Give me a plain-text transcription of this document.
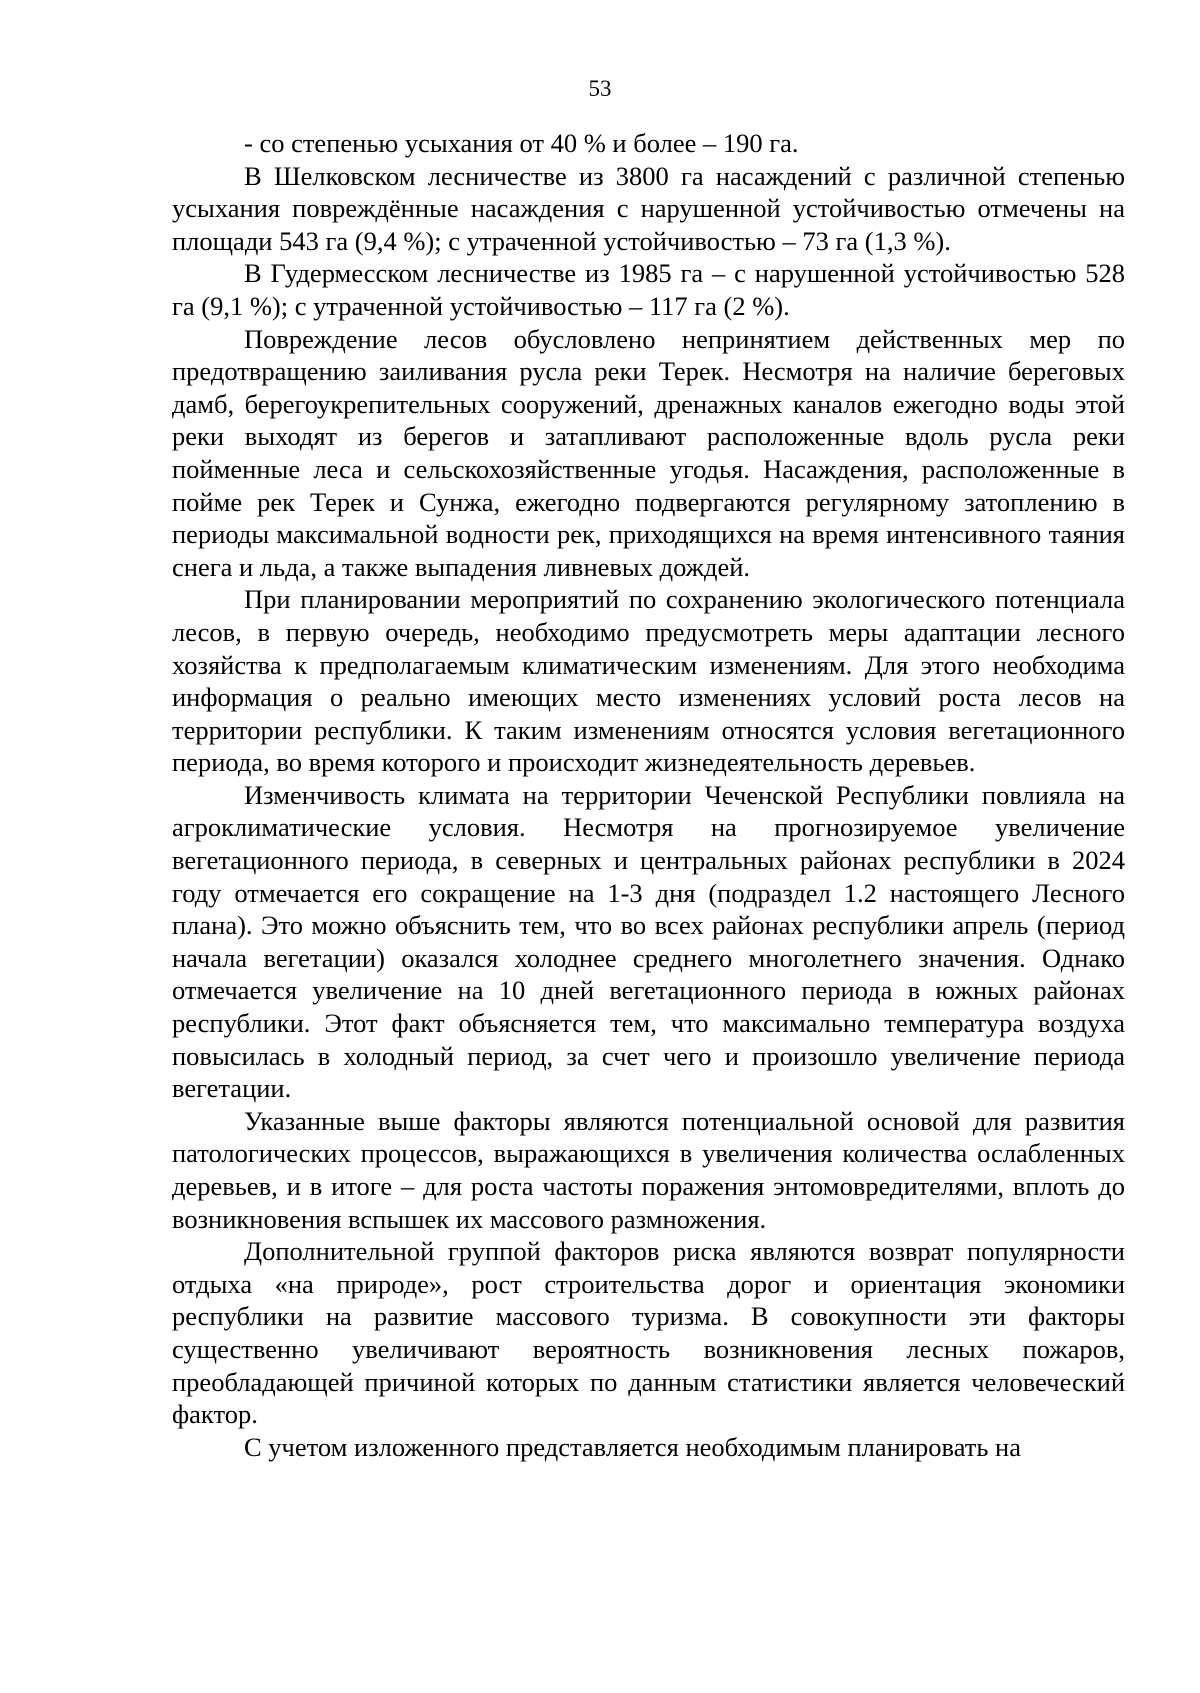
53

- со степенью усыхания от 40 % и более – 190 га.

В Шелковском лесничестве из 3800 га насаждений с различной степенью усыхания повреждённые насаждения с нарушенной устойчивостью отмечены на площади 543 га (9,4 %); с утраченной устойчивостью – 73 га (1,3 %).

В Гудермесском лесничестве из 1985 га – с нарушенной устойчивостью 528 га (9,1 %); с утраченной устойчивостью – 117 га (2 %).

Повреждение лесов обусловлено непринятием действенных мер по предотвращению заиливания русла реки Терек. Несмотря на наличие береговых дамб, берегоукрепительных сооружений, дренажных каналов ежегодно воды этой реки выходят из берегов и затапливают расположенные вдоль русла реки пойменные леса и сельскохозяйственные угодья. Насаждения, расположенные в пойме рек Терек и Сунжа, ежегодно подвергаются регулярному затоплению в периоды максимальной водности рек, приходящихся на время интенсивного таяния снега и льда, а также выпадения ливневых дождей.

При планировании мероприятий по сохранению экологического потенциала лесов, в первую очередь, необходимо предусмотреть меры адаптации лесного хозяйства к предполагаемым климатическим изменениям. Для этого необходима информация о реально имеющих место изменениях условий роста лесов на территории республики. К таким изменениям относятся условия вегетационного периода, во время которого и происходит жизнедеятельность деревьев.

Изменчивость климата на территории Чеченской Республики повлияла на агроклиматические условия. Несмотря на прогнозируемое увеличение вегетационного периода, в северных и центральных районах республики в 2024 году отмечается его сокращение на 1-3 дня (подраздел 1.2 настоящего Лесного плана). Это можно объяснить тем, что во всех районах республики апрель (период начала вегетации) оказался холоднее среднего многолетнего значения. Однако отмечается увеличение на 10 дней вегетационного периода в южных районах республики. Этот факт объясняется тем, что максимально температура воздуха повысилась в холодный период, за счет чего и произошло увеличение периода вегетации.

Указанные выше факторы являются потенциальной основой для развития патологических процессов, выражающихся в увеличения количества ослабленных деревьев, и в итоге – для роста частоты поражения энтомовредителями, вплоть до возникновения вспышек их массового размножения.

Дополнительной группой факторов риска являются возврат популярности отдыха «на природе», рост строительства дорог и ориентация экономики республики на развитие массового туризма. В совокупности эти факторы существенно увеличивают вероятность возникновения лесных пожаров, преобладающей причиной которых по данным статистики является человеческий фактор.

С учетом изложенного представляется необходимым планировать на
